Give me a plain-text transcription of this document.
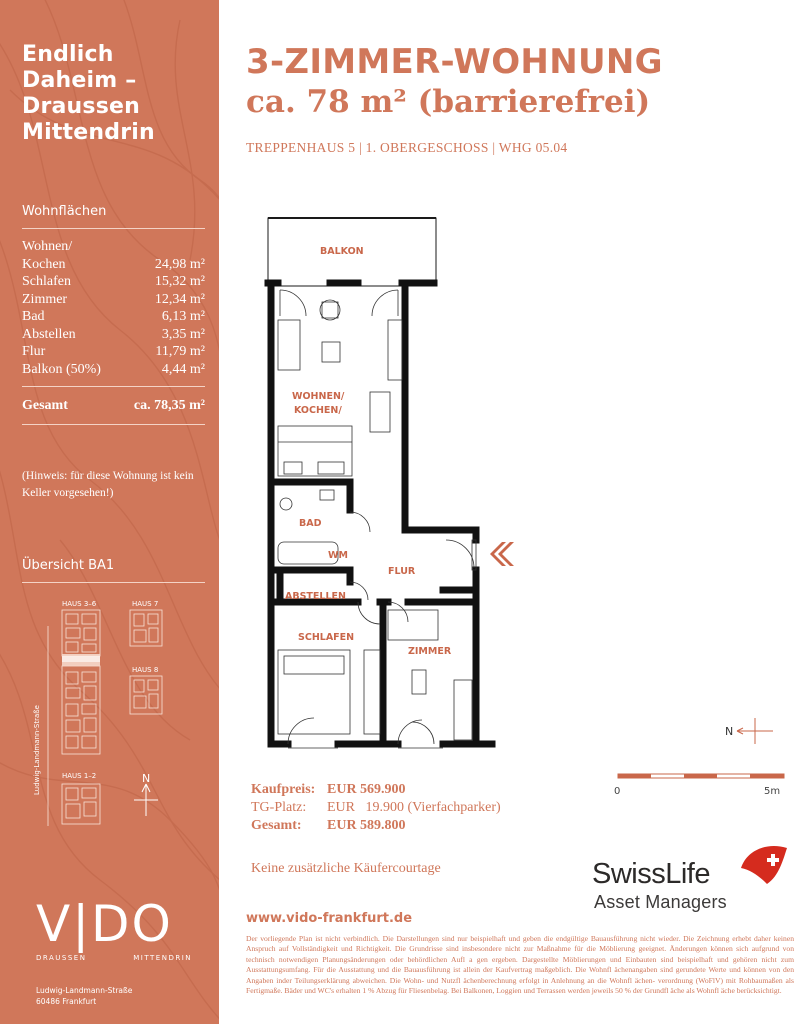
Endlich
Daheim –
Draussen
Mittendrin
Wohnflächen
Wohnen/
Kochen	24,98 m²
Schlafen	15,32 m²
Zimmer	12,34 m²
Bad	6,13 m²
Abstellen	3,35 m²
Flur	11,79 m²
Balkon (50%)	4,44 m²
Gesamt	ca. 78,35 m²
(Hinweis: für diese Wohnung ist kein Keller vorgesehen!)
Übersicht BA1
HAUS 3–6	HAUS 7
HAUS 8
HAUS 1–2
Ludwig-Landmann-Straße	N
V|DO
DRAUSSEN	MITTENDRIN
Ludwig-Landmann-Straße
60486 Frankfurt
3-ZIMMER-WOHNUNG
ca. 78 m² (barrierefrei)
TREPPENHAUS 5 | 1. OBERGESCHOSS | WHG 05.04
BALKON
WOHNEN/
KOCHEN/
BAD
WM
FLUR
ABSTELLEN
SCHLAFEN
ZIMMER
N
0	5m
Kaufpreis: EUR 569.900
TG-Platz:	EUR   19.900 (Vierfachparker)
Gesamt:	EUR 589.800
Keine zusätzliche Käufercourtage	SwissLife
Asset Managers
www.vido-frankfurt.de
Der vorliegende Plan ist nicht verbindlich. Die Darstellungen sind nur beispielhaft und geben die endgültige Bauausführung nicht wieder. Die Zeichnung erhebt daher keinen Anspruch auf Vollständigkeit und Richtigkeit. Die Grundrisse sind insbesondere nicht zur Maßnahme für die Möblierung geeignet. Änderungen können sich aufgrund von technisch notwendigen Planungsänderungen oder behördlichen Aufl a gen ergeben. Dargestellte Möblierungen und Einbauten sind beispielhaft und gehören nicht zum Ausstattungsumfang. Für die Ausstattung und die Bauausführung ist allein der Kaufvertrag maßgeblich. Die Wohnfl ächenangaben sind gerundete Werte und können von den Angaben inder Teilungserklärung abweichen. Die Wohn- und Nutzfl ächenberechnung erfolgt in Anlehnung an die Wohnfl ächen- verordnung (WoFlV) mit Rohbaumaßen als Fertigmaße. Bäder und WC's erhalten 1 % Abzug für Fliesenbelag. Bei Balkonen, Loggien und Terrassen werden jeweils 50 % der Grundfl äche als Wohnfl äche berücksichtigt.
